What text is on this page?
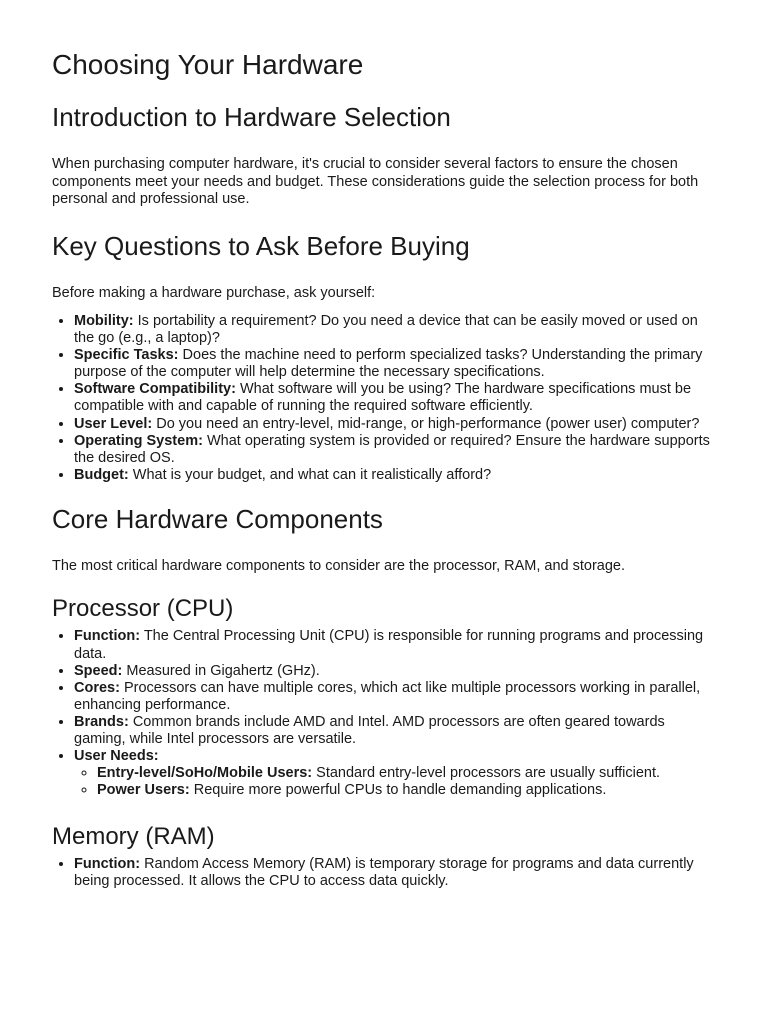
Choosing Your Hardware
Introduction to Hardware Selection

When purchasing computer hardware, it's crucial to consider several factors to ensure the chosen components meet your needs and budget. These considerations guide the selection process for both personal and professional use.

Key Questions to Ask Before Buying

Before making a hardware purchase, ask yourself:

• Mobility: Is portability a requirement? Do you need a device that can be easily moved or used on the go (e.g., a laptop)?
• Specific Tasks: Does the machine need to perform specialized tasks? Understanding the primary purpose of the computer will help determine the necessary specifications.
• Software Compatibility: What software will you be using? The hardware specifications must be compatible with and capable of running the required software efficiently.
• User Level: Do you need an entry-level, mid-range, or high-performance (power user) computer?
• Operating System: What operating system is provided or required? Ensure the hardware supports the desired OS.
• Budget: What is your budget, and what can it realistically afford?
Core Hardware Components

The most critical hardware components to consider are the processor, RAM, and storage.

Processor (CPU)
• Function: The Central Processing Unit (CPU) is responsible for running programs and processing data.
• Speed: Measured in Gigahertz (GHz).
• Cores: Processors can have multiple cores, which act like multiple processors working in parallel, enhancing performance.
• Brands: Common brands include AMD and Intel. AMD processors are often geared towards gaming, while Intel processors are versatile.
• User Needs:
◦ Entry-level/SoHo/Mobile Users: Standard entry-level processors are usually sufficient.
◦ Power Users: Require more powerful CPUs to handle demanding applications.
Memory (RAM)
• Function: Random Access Memory (RAM) is temporary storage for programs and data currently being processed. It allows the CPU to access data quickly.
